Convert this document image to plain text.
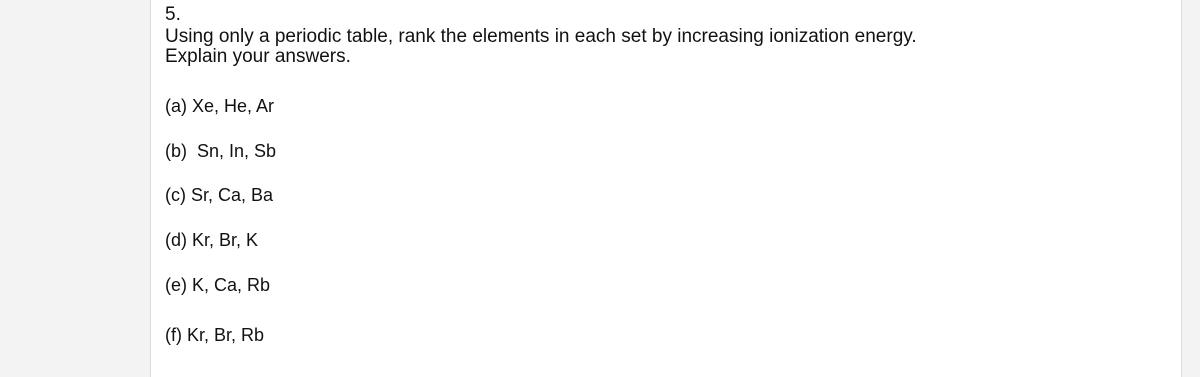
5.

Using only a periodic table, rank the elements in each set by increasing ionization energy.
Explain your answers.

(a) Xe, He, Ar
(b)  Sn, In, Sb
(c) Sr, Ca, Ba
(d) Kr, Br, K
(e) K, Ca, Rb
(f) Kr, Br, Rb
